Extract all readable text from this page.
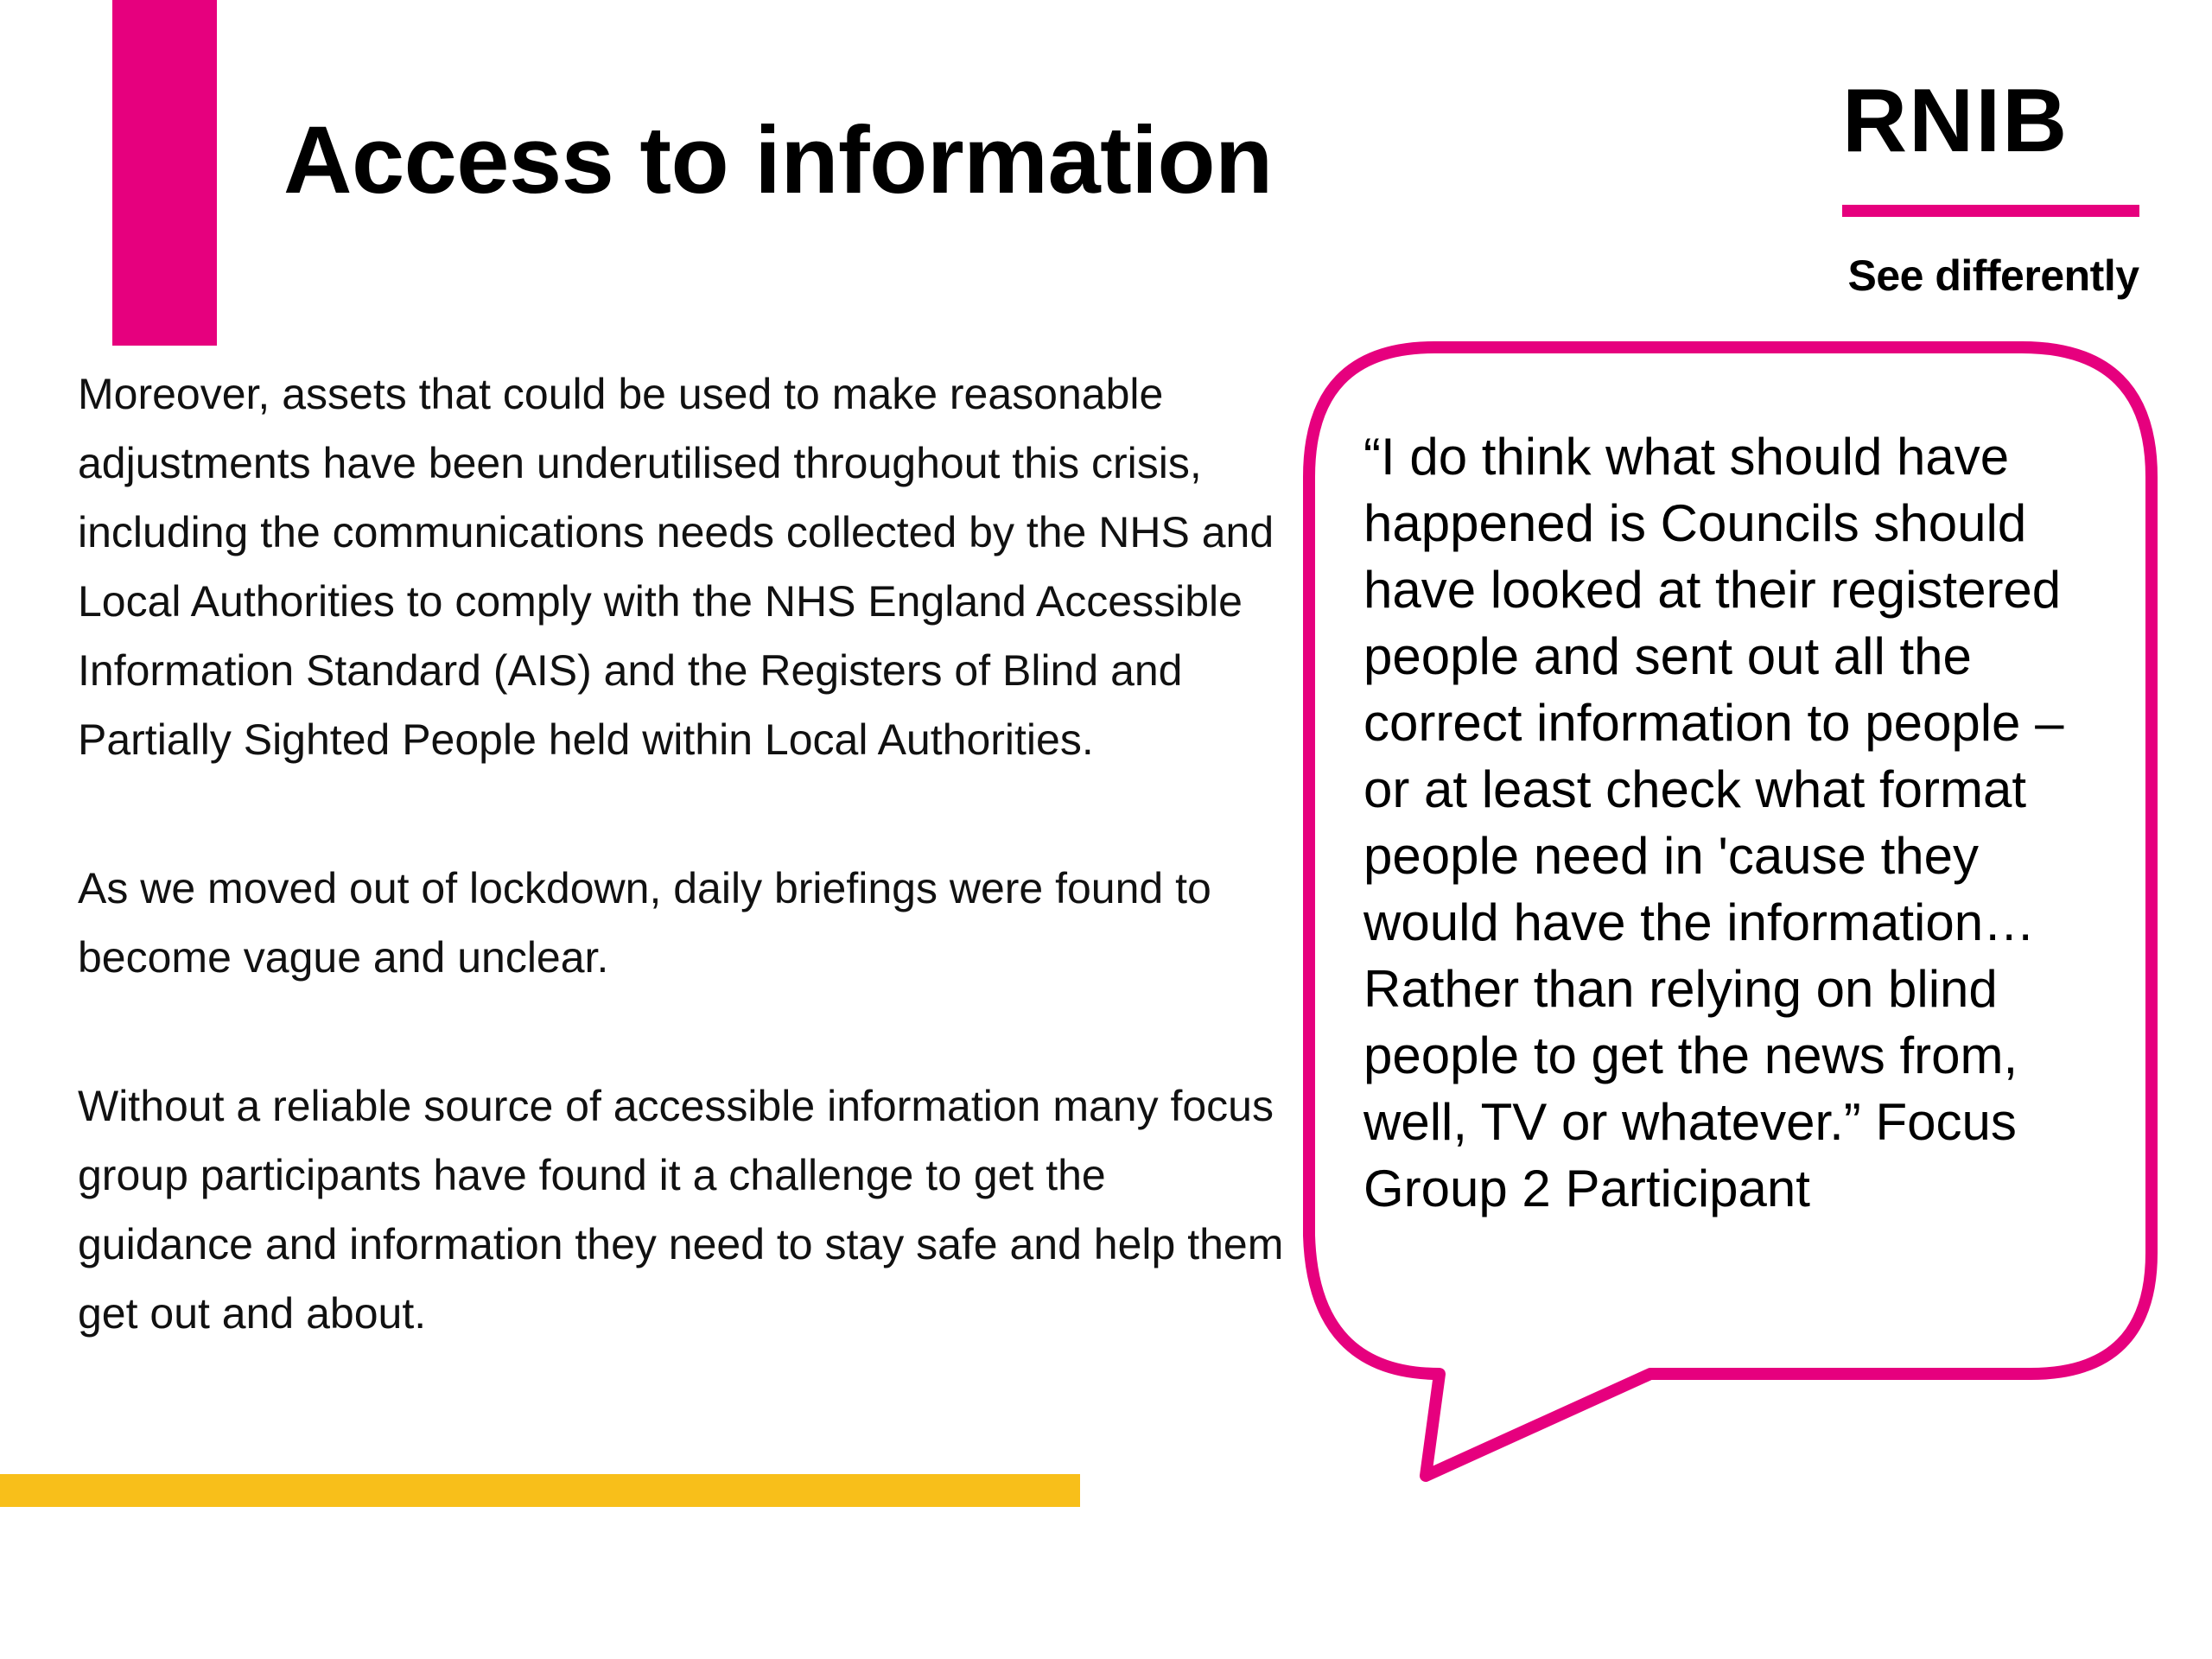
Access to information	RNIB
See differently

Moreover, assets that could be used to make reasonable adjustments have been underutilised throughout this crisis, including the communications needs collected by the NHS and Local Authorities to comply with the NHS England Accessible Information Standard (AIS) and the Registers of Blind and Partially Sighted People held within Local Authorities.

As we moved out of lockdown, daily briefings were found to become vague and unclear.

Without a reliable source of accessible information many focus group participants have found it a challenge to get the guidance and information they need to stay safe and help them get out and about.

“I do think what should have happened is Councils should have looked at their registered people and sent out all the correct information to people – or at least check what format people need in 'cause they would have the information… Rather than relying on blind people to get the news from, well, TV or whatever.” Focus Group 2 Participant
